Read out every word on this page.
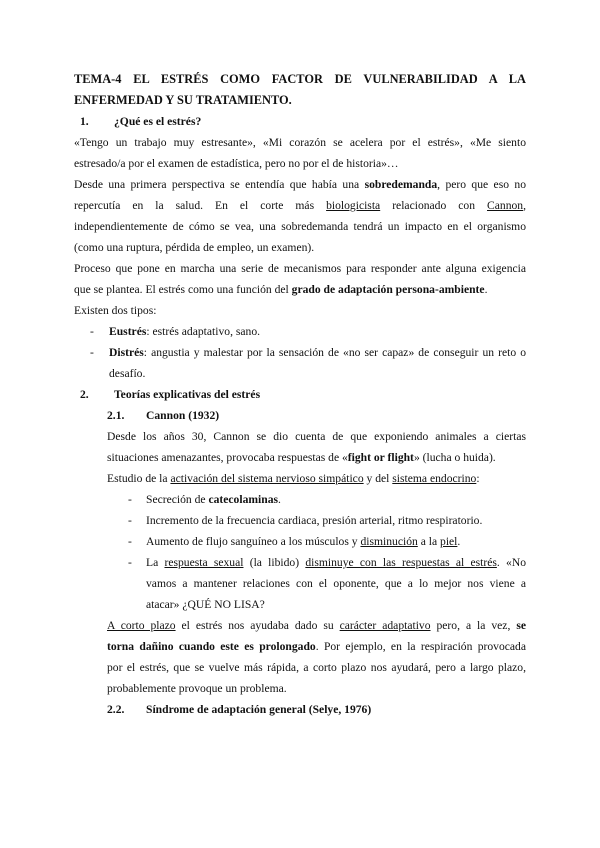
TEMA-4 EL ESTRÉS COMO FACTOR DE VULNERABILIDAD A LA
ENFERMEDAD Y SU TRATAMIENTO.
1. ¿Qué es el estrés?
«Tengo un trabajo muy estresante», «Mi corazón se acelera por el estrés», «Me siento
estresado/a por el examen de estadística, pero no por el de historia»…
Desde una primera perspectiva se entendía que había una sobredemanda, pero que eso no
repercutía en la salud. En el corte más biologicista relacionado con Cannon,
independientemente de cómo se vea, una sobredemanda tendrá un impacto en el organismo
(como una ruptura, pérdida de empleo, un examen).
Proceso que pone en marcha una serie de mecanismos para responder ante alguna exigencia
que se plantea. El estrés como una función del grado de adaptación persona-ambiente.
Existen dos tipos:
- Eustrés: estrés adaptativo, sano.
- Distrés: angustia y malestar por la sensación de «no ser capaz» de conseguir un reto o
desafío.
2. Teorías explicativas del estrés
2.1. Cannon (1932)
Desde los años 30, Cannon se dio cuenta de que exponiendo animales a ciertas
situaciones amenazantes, provocaba respuestas de «fight or flight» (lucha o huida).
Estudio de la activación del sistema nervioso simpático y del sistema endocrino:
- Secreción de catecolaminas.
- Incremento de la frecuencia cardiaca, presión arterial, ritmo respiratorio.
- Aumento de flujo sanguíneo a los músculos y disminución a la piel.
- La respuesta sexual (la libido) disminuye con las respuestas al estrés. «No
vamos a mantener relaciones con el oponente, que a lo mejor nos viene a
atacar» ¿QUÉ NO LISA?
A corto plazo el estrés nos ayudaba dado su carácter adaptativo pero, a la vez, se
torna dañino cuando este es prolongado. Por ejemplo, en la respiración provocada
por el estrés, que se vuelve más rápida, a corto plazo nos ayudará, pero a largo plazo,
probablemente provoque un problema.
2.2. Síndrome de adaptación general (Selye, 1976)
